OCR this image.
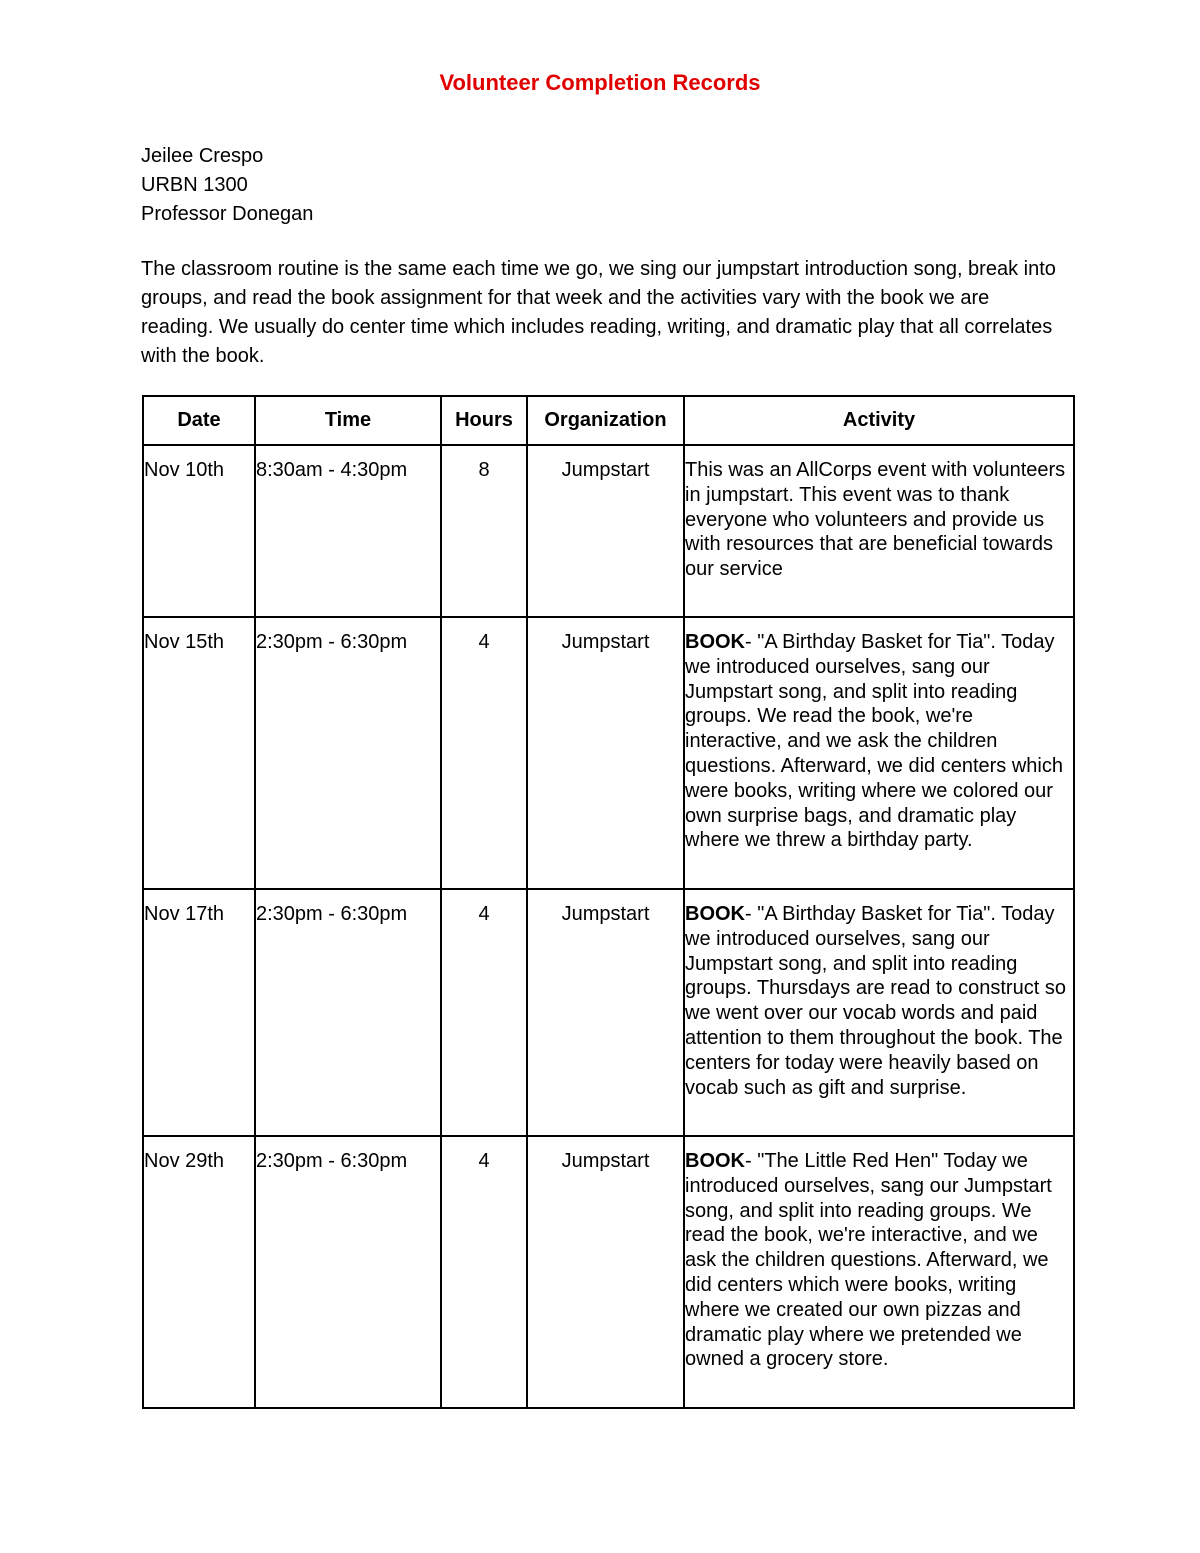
Volunteer Completion Records
Jeilee Crespo
URBN 1300
Professor Donegan
The classroom routine is the same each time we go, we sing our jumpstart introduction song, break into groups, and read the book assignment for that week and the activities vary with the book we are reading. We usually do center time which includes reading, writing, and dramatic play that all correlates with the book.
Date	Time	Hours	Organization	Activity
Nov 10th	8:30am - 4:30pm	8	Jumpstart	This was an AllCorps event with volunteers in jumpstart. This event was to thank everyone who volunteers and provide us with resources that are beneficial towards our service
Nov 15th	2:30pm - 6:30pm	4	Jumpstart	BOOK- "A Birthday Basket for Tia". Today we introduced ourselves, sang our Jumpstart song, and split into reading groups. We read the book, we're interactive, and we ask the children questions. Afterward, we did centers which were books, writing where we colored our own surprise bags, and dramatic play where we threw a birthday party.
Nov 17th	2:30pm - 6:30pm	4	Jumpstart	BOOK- "A Birthday Basket for Tia". Today we introduced ourselves, sang our Jumpstart song, and split into reading groups. Thursdays are read to construct so we went over our vocab words and paid attention to them throughout the book. The centers for today were heavily based on vocab such as gift and surprise.
Nov 29th	2:30pm - 6:30pm	4	Jumpstart	BOOK- "The Little Red Hen" Today we introduced ourselves, sang our Jumpstart song, and split into reading groups. We read the book, we're interactive, and we ask the children questions. Afterward, we did centers which were books, writing where we created our own pizzas and dramatic play where we pretended we owned a grocery store.
